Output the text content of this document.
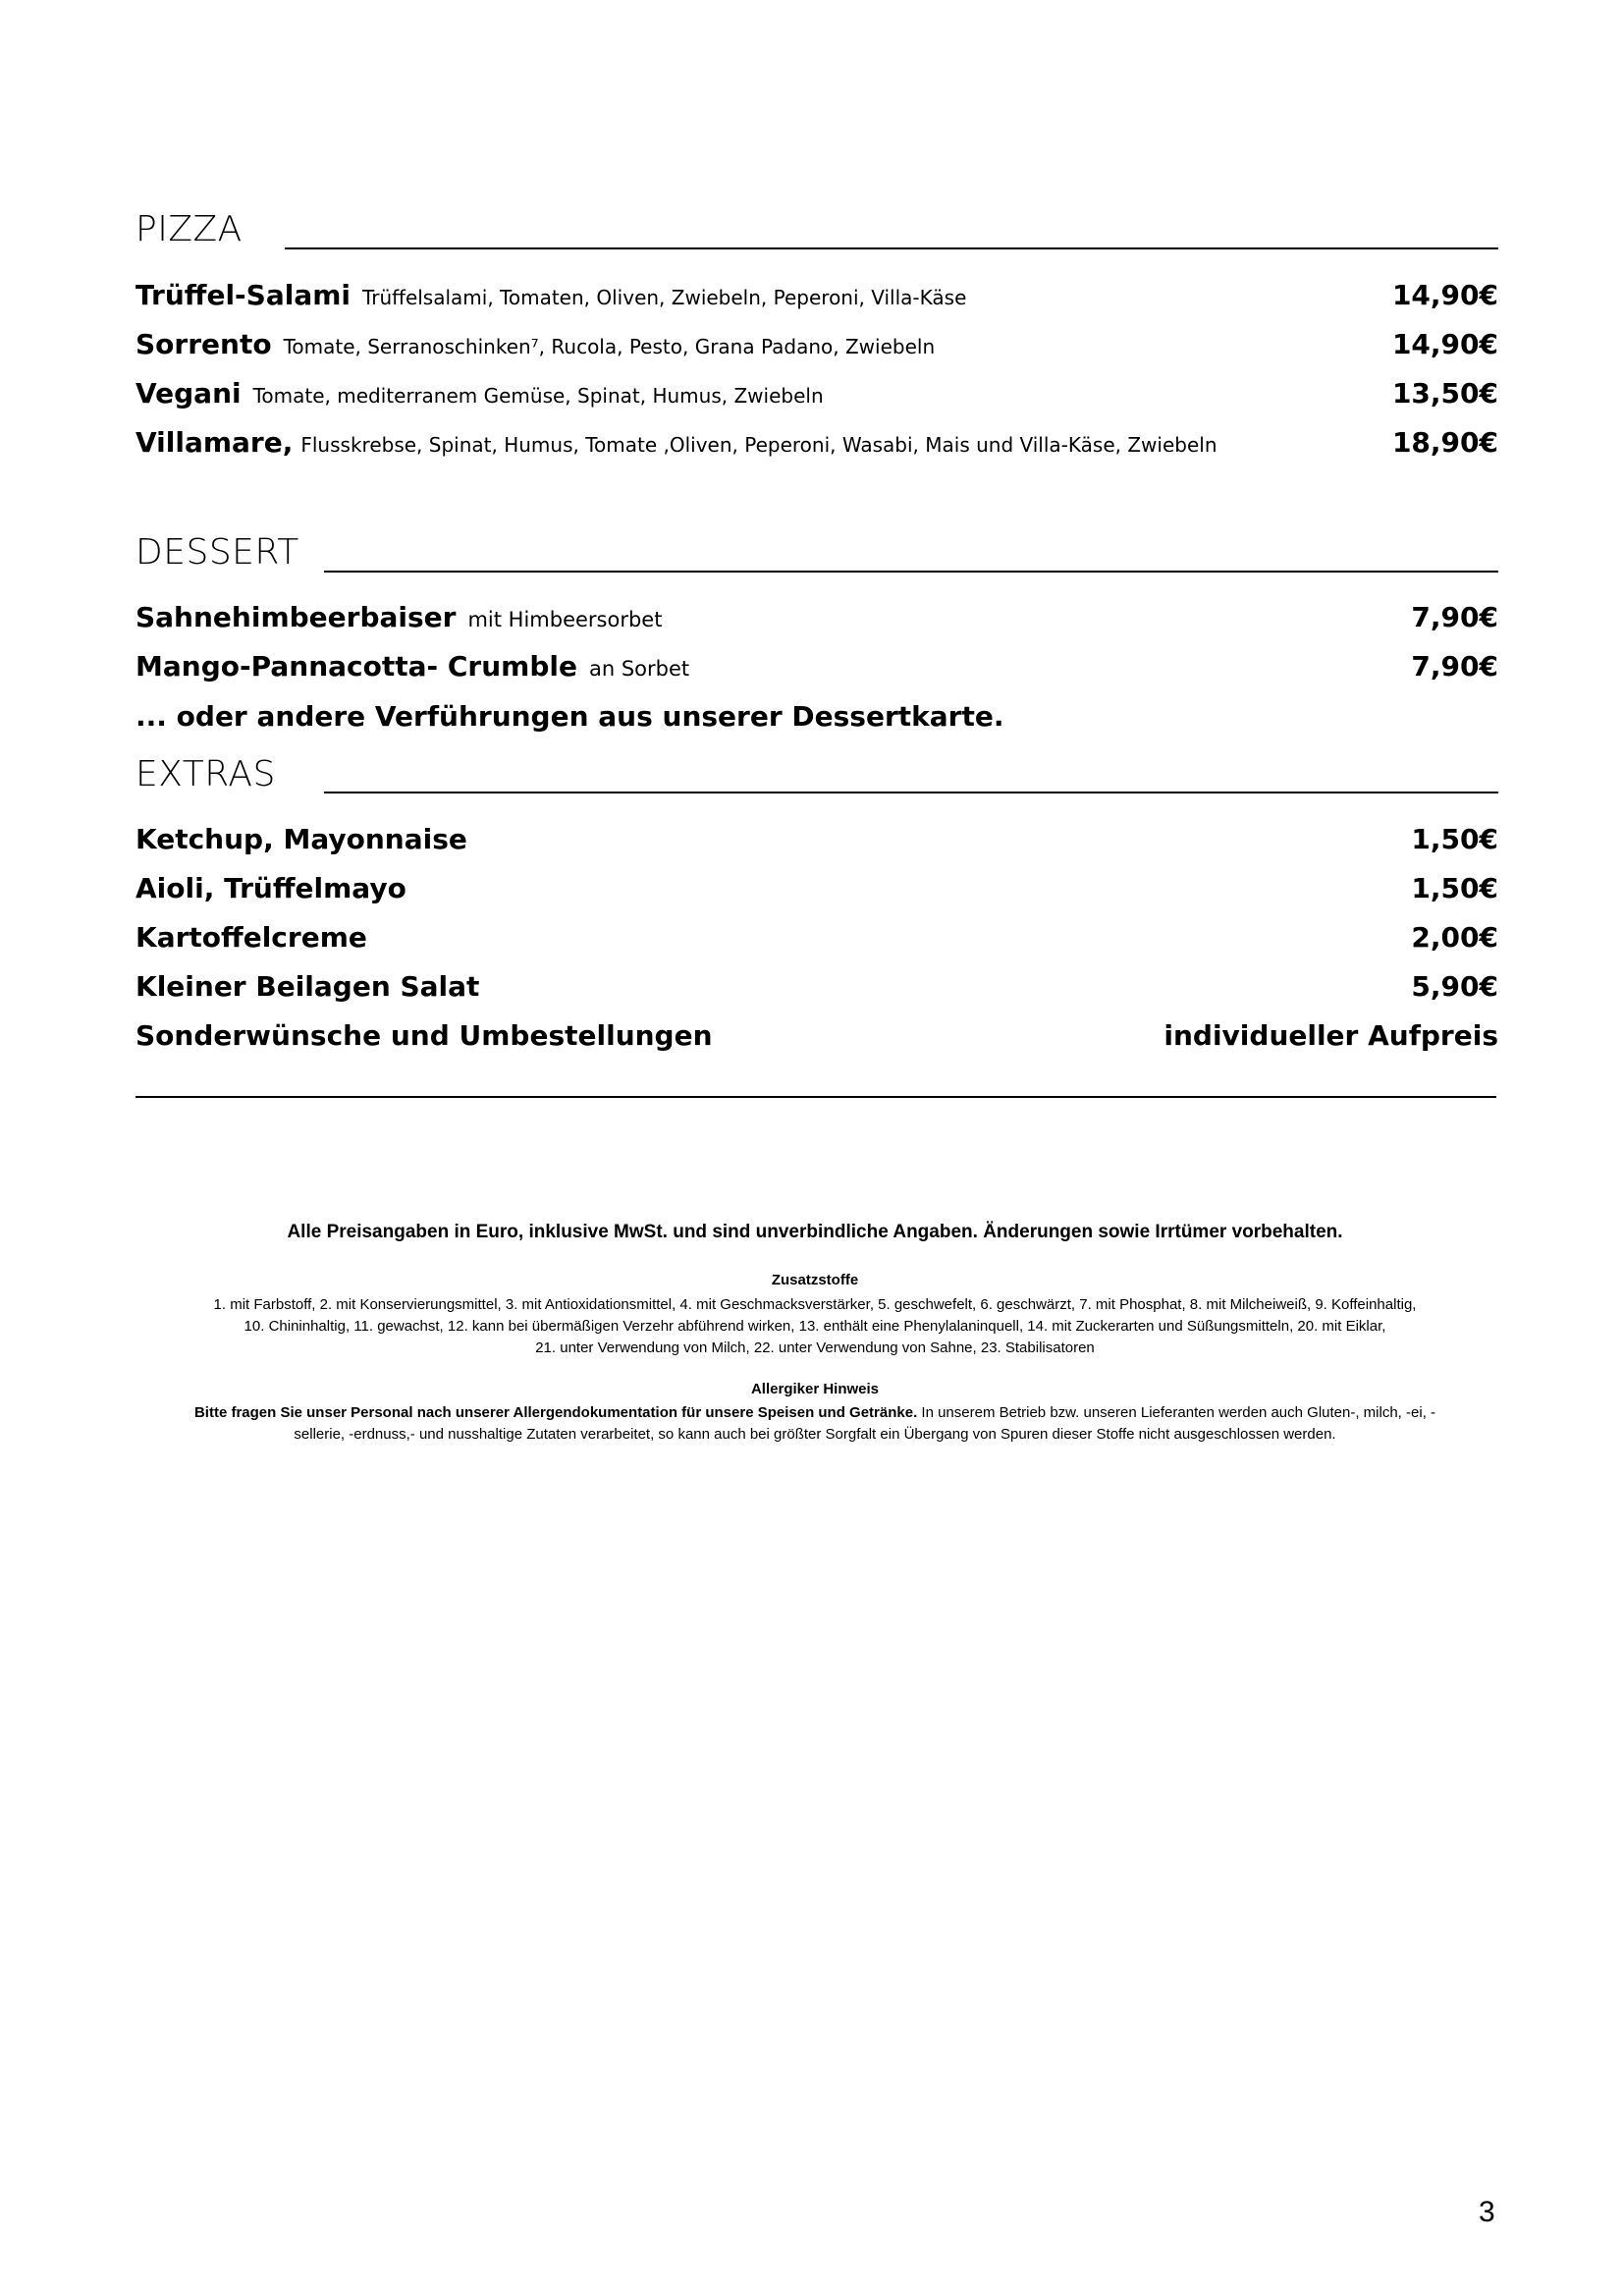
PIZZA
Trüffel-Salami Trüffelsalami, Tomaten, Oliven, Zwiebeln, Peperoni, Villa-Käse	14,90€
Sorrento Tomate, Serranoschinken⁷, Rucola, Pesto, Grana Padano, Zwiebeln	14,90€
Vegani Tomate, mediterranem Gemüse, Spinat, Humus, Zwiebeln	13,50€
Villamare, Flusskrebse, Spinat, Humus, Tomate ,Oliven, Peperoni, Wasabi, Mais und Villa-Käse, Zwiebeln	18,90€
DESSERT
Sahnehimbeerbaiser mit Himbeersorbet	7,90€
Mango-Pannacotta- Crumble an Sorbet	7,90€
... oder andere Verführungen aus unserer Dessertkarte.
EXTRAS
Ketchup, Mayonnaise	1,50€
Aioli, Trüffelmayo	1,50€
Kartoffelcreme	2,00€
Kleiner Beilagen Salat	5,90€
Sonderwünsche und Umbestellungen	individueller Aufpreis
Alle Preisangaben in Euro, inklusive MwSt. und sind unverbindliche Angaben. Änderungen sowie Irrtümer vorbehalten.
Zusatzstoffe
1. mit Farbstoff, 2. mit Konservierungsmittel, 3. mit Antioxidationsmittel, 4. mit Geschmacksverstärker, 5. geschwefelt, 6. geschwärzt, 7. mit Phosphat, 8. mit Milcheiweiß, 9. Koffeinhaltig,
10. Chininhaltig, 11. gewachst, 12. kann bei übermäßigen Verzehr abführend wirken, 13. enthält eine Phenylalaninquell, 14. mit Zuckerarten und Süßungsmitteln, 20. mit Eiklar,
21. unter Verwendung von Milch, 22. unter Verwendung von Sahne, 23. Stabilisatoren
Allergiker Hinweis
Bitte fragen Sie unser Personal nach unserer Allergendokumentation für unsere Speisen und Getränke. In unserem Betrieb bzw. unseren Lieferanten werden auch Gluten-, milch, -ei, -
sellerie, -erdnuss,- und nusshaltige Zutaten verarbeitet, so kann auch bei größter Sorgfalt ein Übergang von Spuren dieser Stoffe nicht ausgeschlossen werden.
3
